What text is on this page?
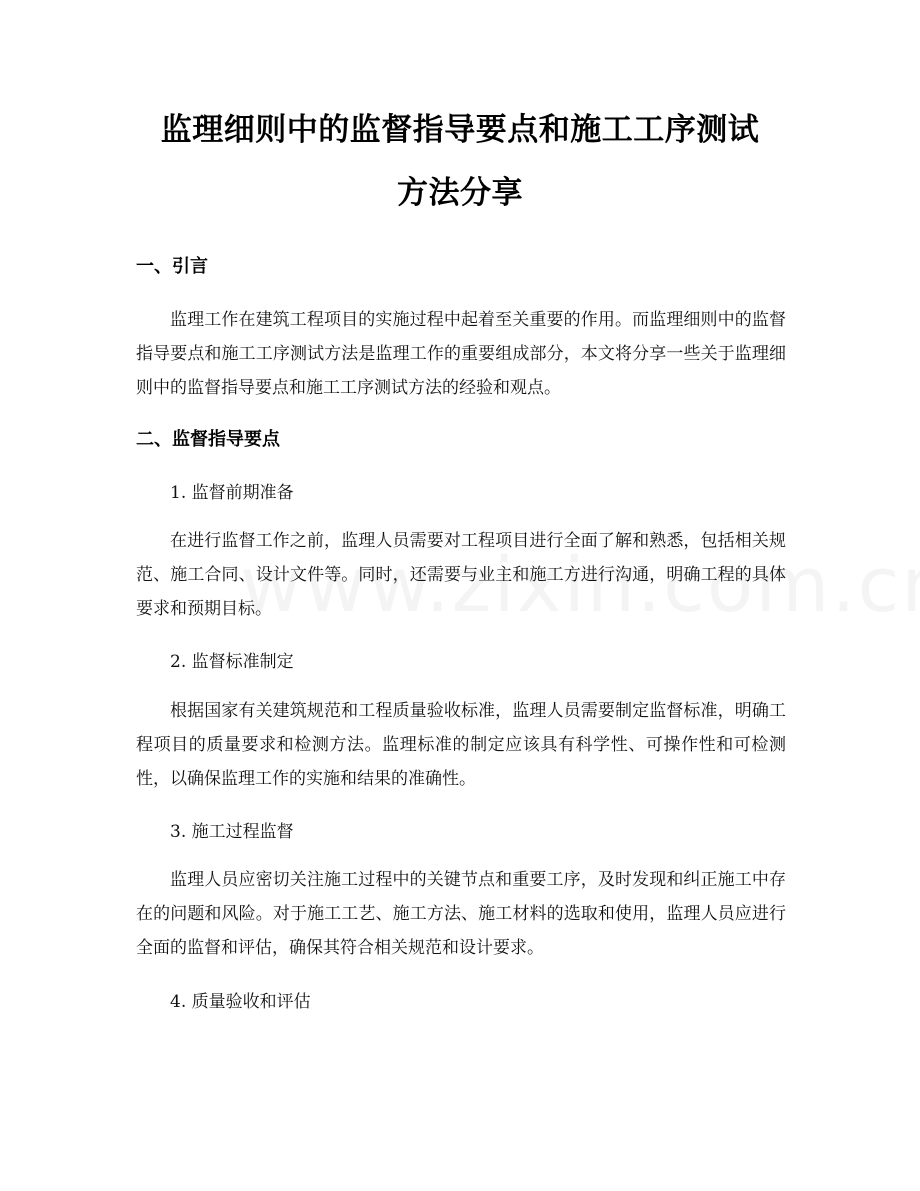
监理细则中的监督指导要点和施工工序测试
方法分享
一、引言
监理工作在建筑工程项目的实施过程中起着至关重要的作用。而监理细则中的监督指导要点和施工工序测试方法是监理工作的重要组成部分，本文将分享一些关于监理细则中的监督指导要点和施工工序测试方法的经验和观点。
二、监督指导要点
1. 监督前期准备
在进行监督工作之前，监理人员需要对工程项目进行全面了解和熟悉，包括相关规范、施工合同、设计文件等。同时，还需要与业主和施工方进行沟通，明确工程的具体要求和预期目标。
2. 监督标准制定
根据国家有关建筑规范和工程质量验收标准，监理人员需要制定监督标准，明确工程项目的质量要求和检测方法。监理标准的制定应该具有科学性、可操作性和可检测性，以确保监理工作的实施和结果的准确性。
3. 施工过程监督
监理人员应密切关注施工过程中的关键节点和重要工序，及时发现和纠正施工中存在的问题和风险。对于施工工艺、施工方法、施工材料的选取和使用，监理人员应进行全面的监督和评估，确保其符合相关规范和设计要求。
4. 质量验收和评估
